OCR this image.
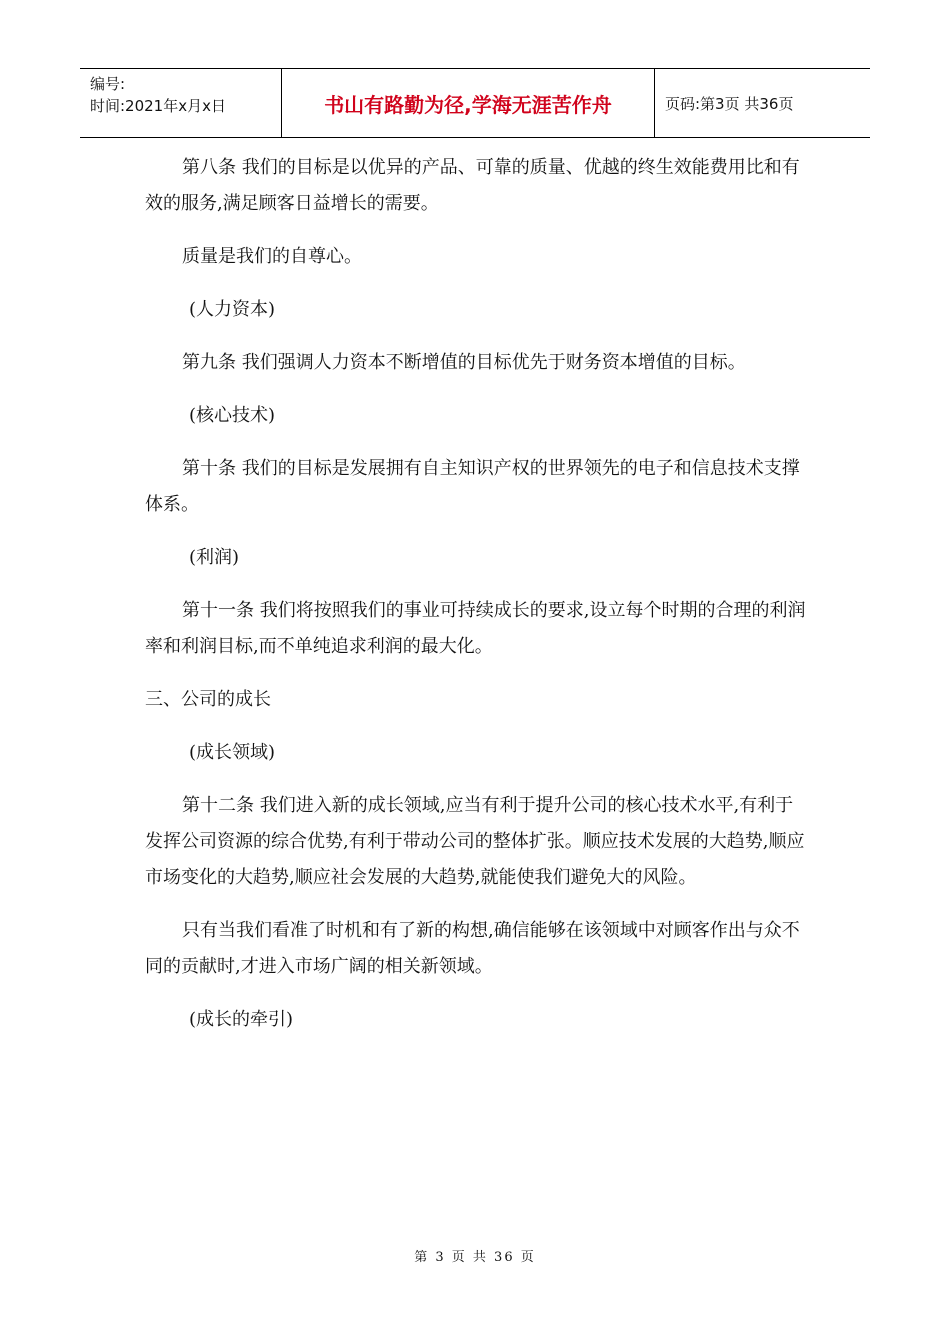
编号:
时间:2021年x月x日	书山有路勤为径,学海无涯苦作舟	页码:第3页 共36页

第八条 我们的目标是以优异的产品、可靠的质量、优越的终生效能费用比和有效的服务,满足顾客日益增长的需要。

质量是我们的自尊心。

(人力资本)

第九条 我们强调人力资本不断增值的目标优先于财务资本增值的目标。

(核心技术)

第十条 我们的目标是发展拥有自主知识产权的世界领先的电子和信息技术支撑体系。

(利润)

第十一条 我们将按照我们的事业可持续成长的要求,设立每个时期的合理的利润率和利润目标,而不单纯追求利润的最大化。

三、公司的成长

(成长领域)

第十二条 我们进入新的成长领域,应当有利于提升公司的核心技术水平,有利于发挥公司资源的综合优势,有利于带动公司的整体扩张。顺应技术发展的大趋势,顺应市场变化的大趋势,顺应社会发展的大趋势,就能使我们避免大的风险。

只有当我们看准了时机和有了新的构想,确信能够在该领域中对顾客作出与众不同的贡献时,才进入市场广阔的相关新领域。

(成长的牵引)

第 3 页 共 36 页
